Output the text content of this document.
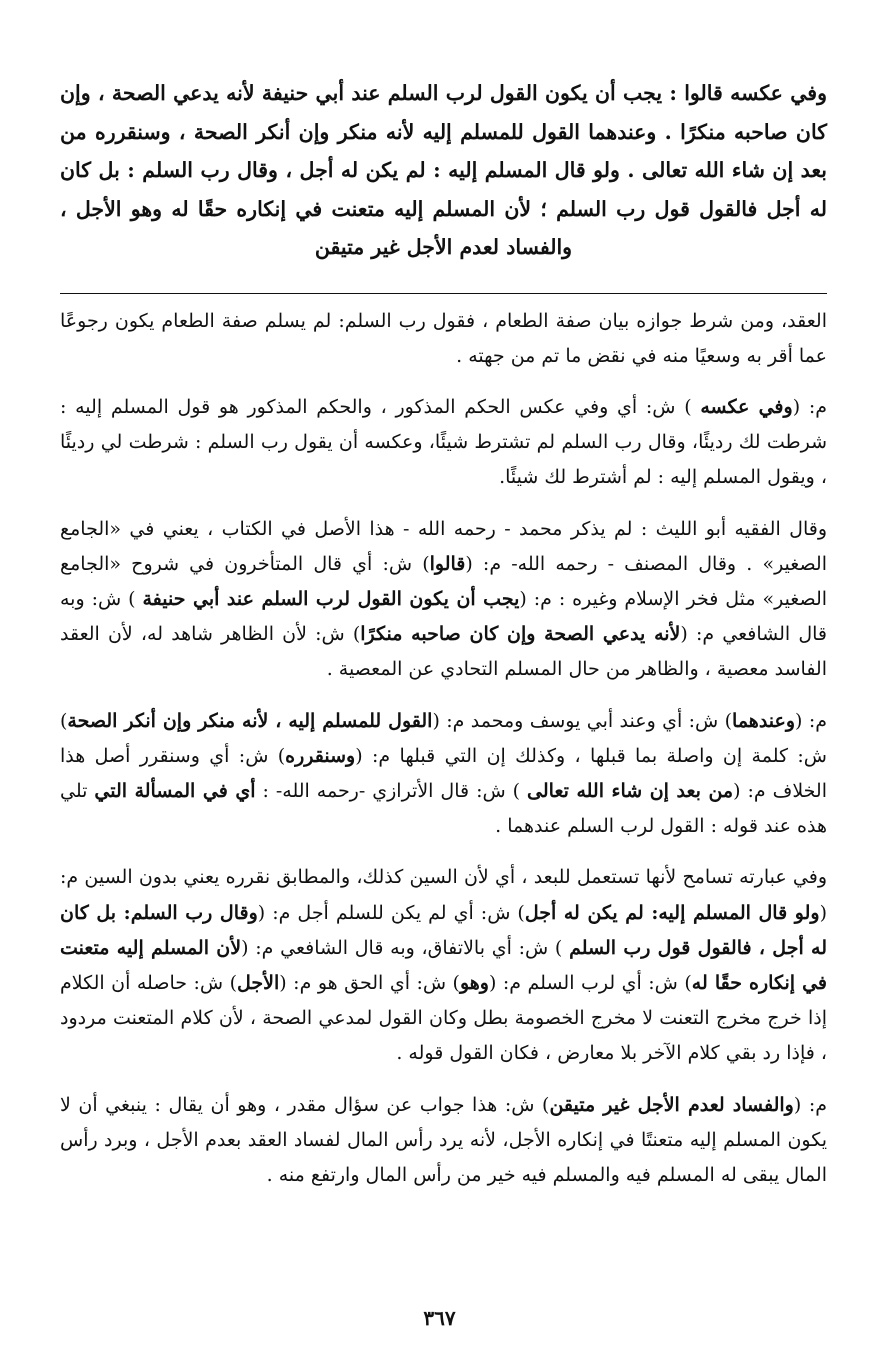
وفي عكسه قالوا : يجب أن يكون القول لرب السلم عند أبي حنيفة لأنه يدعي الصحة ، وإن كان صاحبه منكرًا . وعندهما القول للمسلم إليه لأنه منكر وإن أنكر الصحة ، وسنقرره من بعد إن شاء الله تعالى . ولو قال المسلم إليه : لم يكن له أجل ، وقال رب السلم : بل كان له أجل فالقول قول رب السلم ؛ لأن المسلم إليه متعنت في إنكاره حقًا له وهو الأجل ، والفساد لعدم الأجل غير متيقن

العقد، ومن شرط جوازه بيان صفة الطعام ، فقول رب السلم: لم يسلم صفة الطعام يكون رجوعًا عما أقر به وسعيًا منه في نقض ما تم من جهته .

م: (وفي عكسه ) ش: أي وفي عكس الحكم المذكور ، والحكم المذكور هو قول المسلم إليه : شرطت لك رديئًا، وقال رب السلم لم تشترط شيئًا، وعكسه أن يقول رب السلم : شرطت لي رديئًا ، ويقول المسلم إليه : لم أشترط لك شيئًا.

وقال الفقيه أبو الليث : لم يذكر محمد - رحمه الله - هذا الأصل في الكتاب ، يعني في «الجامع الصغير» . وقال المصنف - رحمه الله- م: (قالوا) ش: أي قال المتأخرون في شروح «الجامع الصغير» مثل فخر الإسلام وغيره : م: (يجب أن يكون القول لرب السلم عند أبي حنيفة ) ش: وبه قال الشافعي م: (لأنه يدعي الصحة وإن كان صاحبه منكرًا) ش: لأن الظاهر شاهد له، لأن العقد الفاسد معصية ، والظاهر من حال المسلم التحادي عن المعصية .

م: (وعندهما) ش: أي وعند أبي يوسف ومحمد م: (القول للمسلم إليه ، لأنه منكر وإن أنكر الصحة) ش: كلمة إن واصلة بما قبلها ، وكذلك إن التي قبلها م: (وسنقرره) ش: أي وسنقرر أصل هذا الخلاف م: (من بعد إن شاء الله تعالى ) ش: قال الأترازي -رحمه الله- : أي في المسألة التي تلي هذه عند قوله : القول لرب السلم عندهما .

وفي عبارته تسامح لأنها تستعمل للبعد ، أي لأن السين كذلك، والمطابق نقرره يعني بدون السين م: (ولو قال المسلم إليه: لم يكن له أجل) ش: أي لم يكن للسلم أجل م: (وقال رب السلم: بل كان له أجل ، فالقول قول رب السلم ) ش: أي بالاتفاق، وبه قال الشافعي م: (لأن المسلم إليه متعنت في إنكاره حقًا له) ش: أي لرب السلم م: (وهو) ش: أي الحق هو م: (الأجل) ش: حاصله أن الكلام إذا خرج مخرج التعنت لا مخرج الخصومة بطل وكان القول لمدعي الصحة ، لأن كلام المتعنت مردود ، فإذا رد بقي كلام الآخر بلا معارض ، فكان القول قوله .

م: (والفساد لعدم الأجل غير متيقن) ش: هذا جواب عن سؤال مقدر ، وهو أن يقال : ينبغي أن لا يكون المسلم إليه متعنتًا في إنكاره الأجل، لأنه يرد رأس المال لفساد العقد بعدم الأجل ، وبرد رأس المال يبقى له المسلم فيه والمسلم فيه خير من رأس المال وارتفع منه .

٣٦٧
